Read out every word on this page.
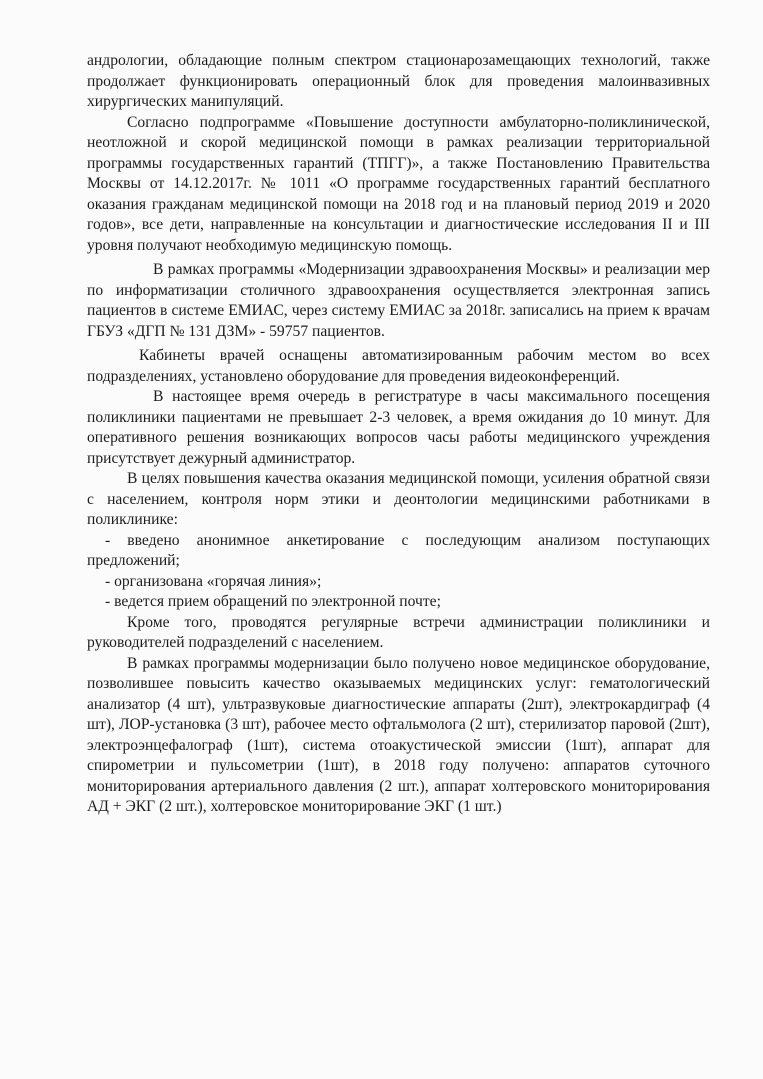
андрологии, обладающие полным спектром стационарозамещающих технологий, также продолжает функционировать операционный блок для проведения малоинвазивных хирургических манипуляций.

Согласно подпрограмме «Повышение доступности амбулаторно-поликлинической, неотложной и скорой медицинской помощи в рамках реализации территориальной программы государственных гарантий (ТПГГ)», а также Постановлению Правительства Москвы от 14.12.2017г. № 1011 «О программе государственных гарантий бесплатного оказания гражданам медицинской помощи на 2018 год и на плановый период 2019 и 2020 годов», все дети, направленные на консультации и диагностические исследования II и III уровня получают необходимую медицинскую помощь.

В рамках программы «Модернизации здравоохранения Москвы» и реализации мер по информатизации столичного здравоохранения осуществляется электронная запись пациентов в системе ЕМИАС, через систему ЕМИАС за 2018г. записались на прием к врачам ГБУЗ «ДГП № 131 ДЗМ» - 59757 пациентов.

Кабинеты врачей оснащены автоматизированным рабочим местом во всех подразделениях, установлено оборудование для проведения видеоконференций.

В настоящее время очередь в регистратуре в часы максимального посещения поликлиники пациентами не превышает 2-3 человек, а время ожидания до 10 минут. Для оперативного решения возникающих вопросов часы работы медицинского учреждения присутствует дежурный администратор.

В целях повышения качества оказания медицинской помощи, усиления обратной связи с населением, контроля норм этики и деонтологии медицинскими работниками в поликлинике:

- введено анонимное анкетирование с последующим анализом поступающих предложений;

- организована «горячая линия»;

- ведется прием обращений по электронной почте;

Кроме того, проводятся регулярные встречи администрации поликлиники и руководителей подразделений с населением.

В рамках программы модернизации было получено новое медицинское оборудование, позволившее повысить качество оказываемых медицинских услуг: гематологический анализатор (4 шт), ультразвуковые диагностические аппараты (2шт), электрокардиграф (4 шт), ЛОР-установка (3 шт), рабочее место офтальмолога (2 шт), стерилизатор паровой (2шт), электроэнцефалограф (1шт), система отоакустической эмиссии (1шт), аппарат для спирометрии и пульсометрии (1шт), в 2018 году получено: аппаратов суточного мониторирования артериального давления (2 шт.), аппарат холтеровского мониторирования АД + ЭКГ (2 шт.), холтеровское мониторирование ЭКГ (1 шт.)
